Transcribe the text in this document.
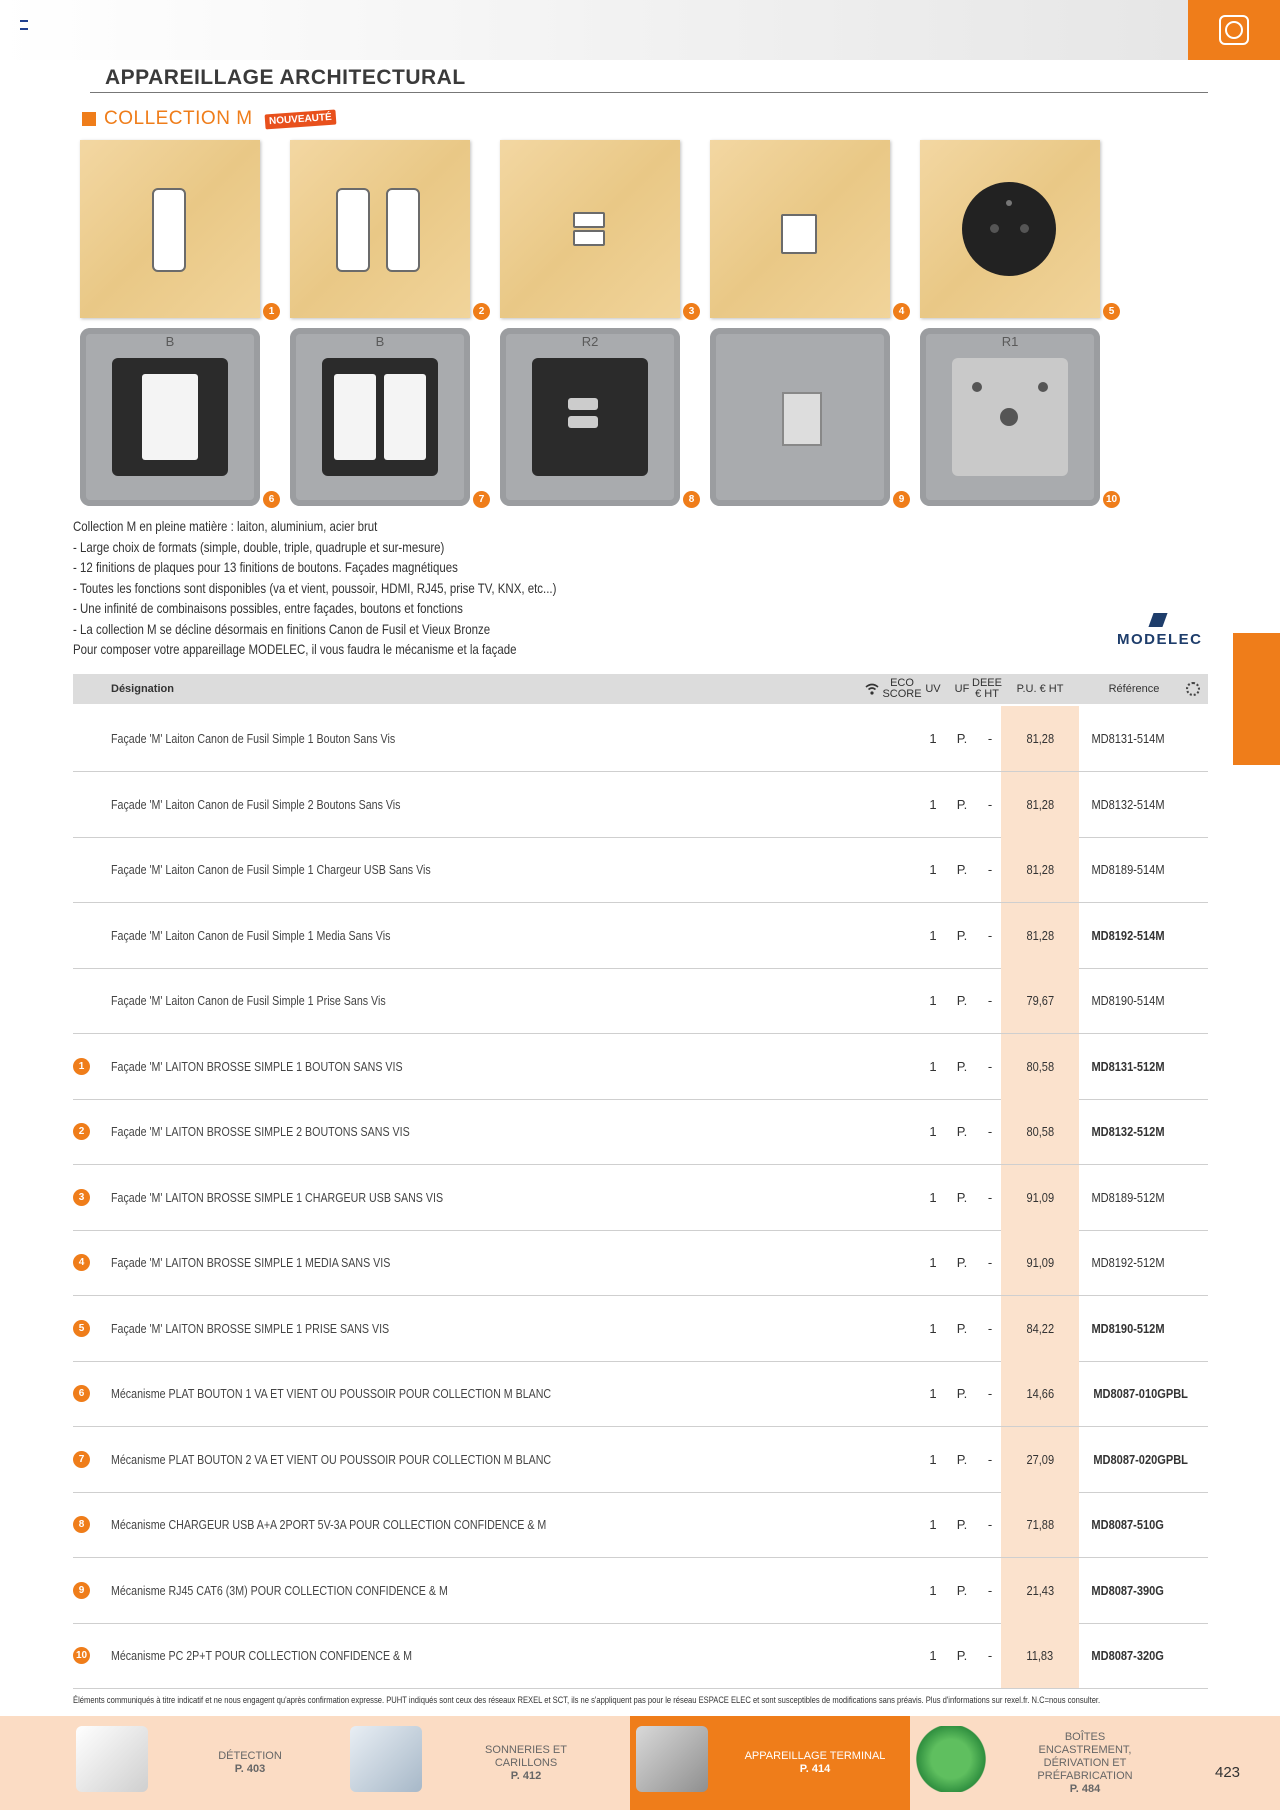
APPAREILLAGE ARCHITECTURAL
COLLECTION M	NOUVEAUTÉ
1	2	3	4	5
B	B	R2	R1
6	7	8	9	10
Collection M en pleine matière : laiton, aluminium, acier brut
- Large choix de formats (simple, double, triple, quadruple et sur-mesure)
- 12 finitions de plaques pour 13 finitions de boutons. Façades magnétiques
- Toutes les fonctions sont disponibles (va et vient, poussoir, HDMI, RJ45, prise TV, KNX, etc...)
- Une infinité de combinaisons possibles, entre façades, boutons et fonctions
- La collection M se décline désormais en finitions Canon de Fusil et Vieux Bronze
Pour composer votre appareillage MODELEC, il vous faudra le mécanisme et la façade
MODELEC
Désignation	ECO SCORE UV	UF DEEE € HT	P.U. € HT	Référence
Façade 'M' Laiton Canon de Fusil Simple 1 Bouton Sans Vis	1	P.	-	81,28	MD8131-514M
Façade 'M' Laiton Canon de Fusil Simple 2 Boutons Sans Vis	1	P.	-	81,28	MD8132-514M
Façade 'M' Laiton Canon de Fusil Simple 1 Chargeur USB Sans Vis	1	P.	-	81,28	MD8189-514M
Façade 'M' Laiton Canon de Fusil Simple 1 Media Sans Vis	1	P.	-	81,28	MD8192-514M
Façade 'M' Laiton Canon de Fusil Simple 1 Prise Sans Vis	1	P.	-	79,67	MD8190-514M
1	Façade 'M' LAITON BROSSE SIMPLE 1 BOUTON SANS VIS	1	P.	-	80,58	MD8131-512M
2	Façade 'M' LAITON BROSSE SIMPLE 2 BOUTONS SANS VIS	1	P.	-	80,58	MD8132-512M
3	Façade 'M' LAITON BROSSE SIMPLE 1 CHARGEUR USB SANS VIS	1	P.	-	91,09	MD8189-512M
4	Façade 'M' LAITON BROSSE SIMPLE 1 MEDIA SANS VIS	1	P.	-	91,09	MD8192-512M
5	Façade 'M' LAITON BROSSE SIMPLE 1 PRISE SANS VIS	1	P.	-	84,22	MD8190-512M
6	Mécanisme PLAT BOUTON 1 VA ET VIENT OU POUSSOIR POUR COLLECTION M BLANC	1	P.	-	14,66	MD8087-010GPBL
7	Mécanisme PLAT BOUTON 2 VA ET VIENT OU POUSSOIR POUR COLLECTION M BLANC	1	P.	-	27,09	MD8087-020GPBL
8	Mécanisme CHARGEUR USB A+A 2PORT 5V-3A POUR COLLECTION CONFIDENCE & M	1	P.	-	71,88	MD8087-510G
9	Mécanisme RJ45 CAT6 (3M) POUR COLLECTION CONFIDENCE & M	1	P.	-	21,43	MD8087-390G
10 Mécanisme PC 2P+T POUR COLLECTION CONFIDENCE & M	1	P.	-	11,83	MD8087-320G
Éléments communiqués à titre indicatif et ne nous engagent qu'après confirmation expresse. PUHT indiqués sont ceux des réseaux REXEL et SCT, ils ne s'appliquent pas pour le réseau ESPACE ELEC et sont susceptibles de modifications sans préavis. Plus d'informations sur rexel.fr. N.C=nous consulter.
DÉTECTION
P. 403
SONNERIES ET CARILLONS
P. 412
APPAREILLAGE TERMINAL
P. 414
BOÎTES ENCASTREMENT, DÉRIVATION ET PRÉFABRICATION
P. 484
423
